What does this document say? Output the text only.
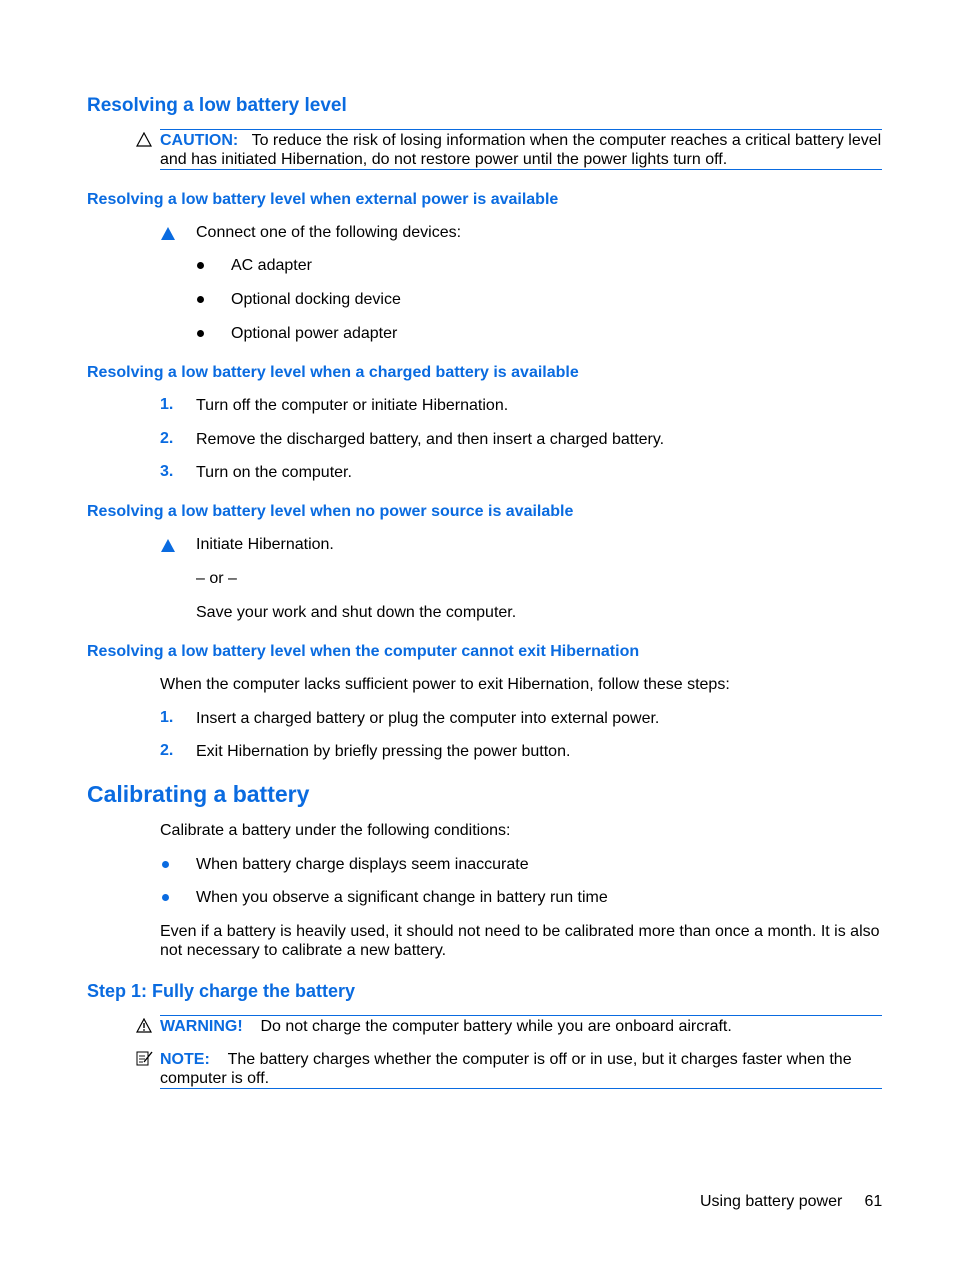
Resolving a low battery level
CAUTION: To reduce the risk of losing information when the computer reaches a critical battery level
and has initiated Hibernation, do not restore power until the power lights turn off.
Resolving a low battery level when external power is available
Connect one of the following devices:
AC adapter
Optional docking device
Optional power adapter
Resolving a low battery level when a charged battery is available
1. Turn off the computer or initiate Hibernation.
2. Remove the discharged battery, and then insert a charged battery.
3. Turn on the computer.
Resolving a low battery level when no power source is available
Initiate Hibernation.
– or –
Save your work and shut down the computer.
Resolving a low battery level when the computer cannot exit Hibernation
When the computer lacks sufficient power to exit Hibernation, follow these steps:
1. Insert a charged battery or plug the computer into external power.
2. Exit Hibernation by briefly pressing the power button.
Calibrating a battery
Calibrate a battery under the following conditions:
When battery charge displays seem inaccurate
When you observe a significant change in battery run time
Even if a battery is heavily used, it should not need to be calibrated more than once a month. It is also not necessary to calibrate a new battery.
Step 1: Fully charge the battery
WARNING! Do not charge the computer battery while you are onboard aircraft.
NOTE: The battery charges whether the computer is off or in use, but it charges faster when the
computer is off.
Using battery power 61
